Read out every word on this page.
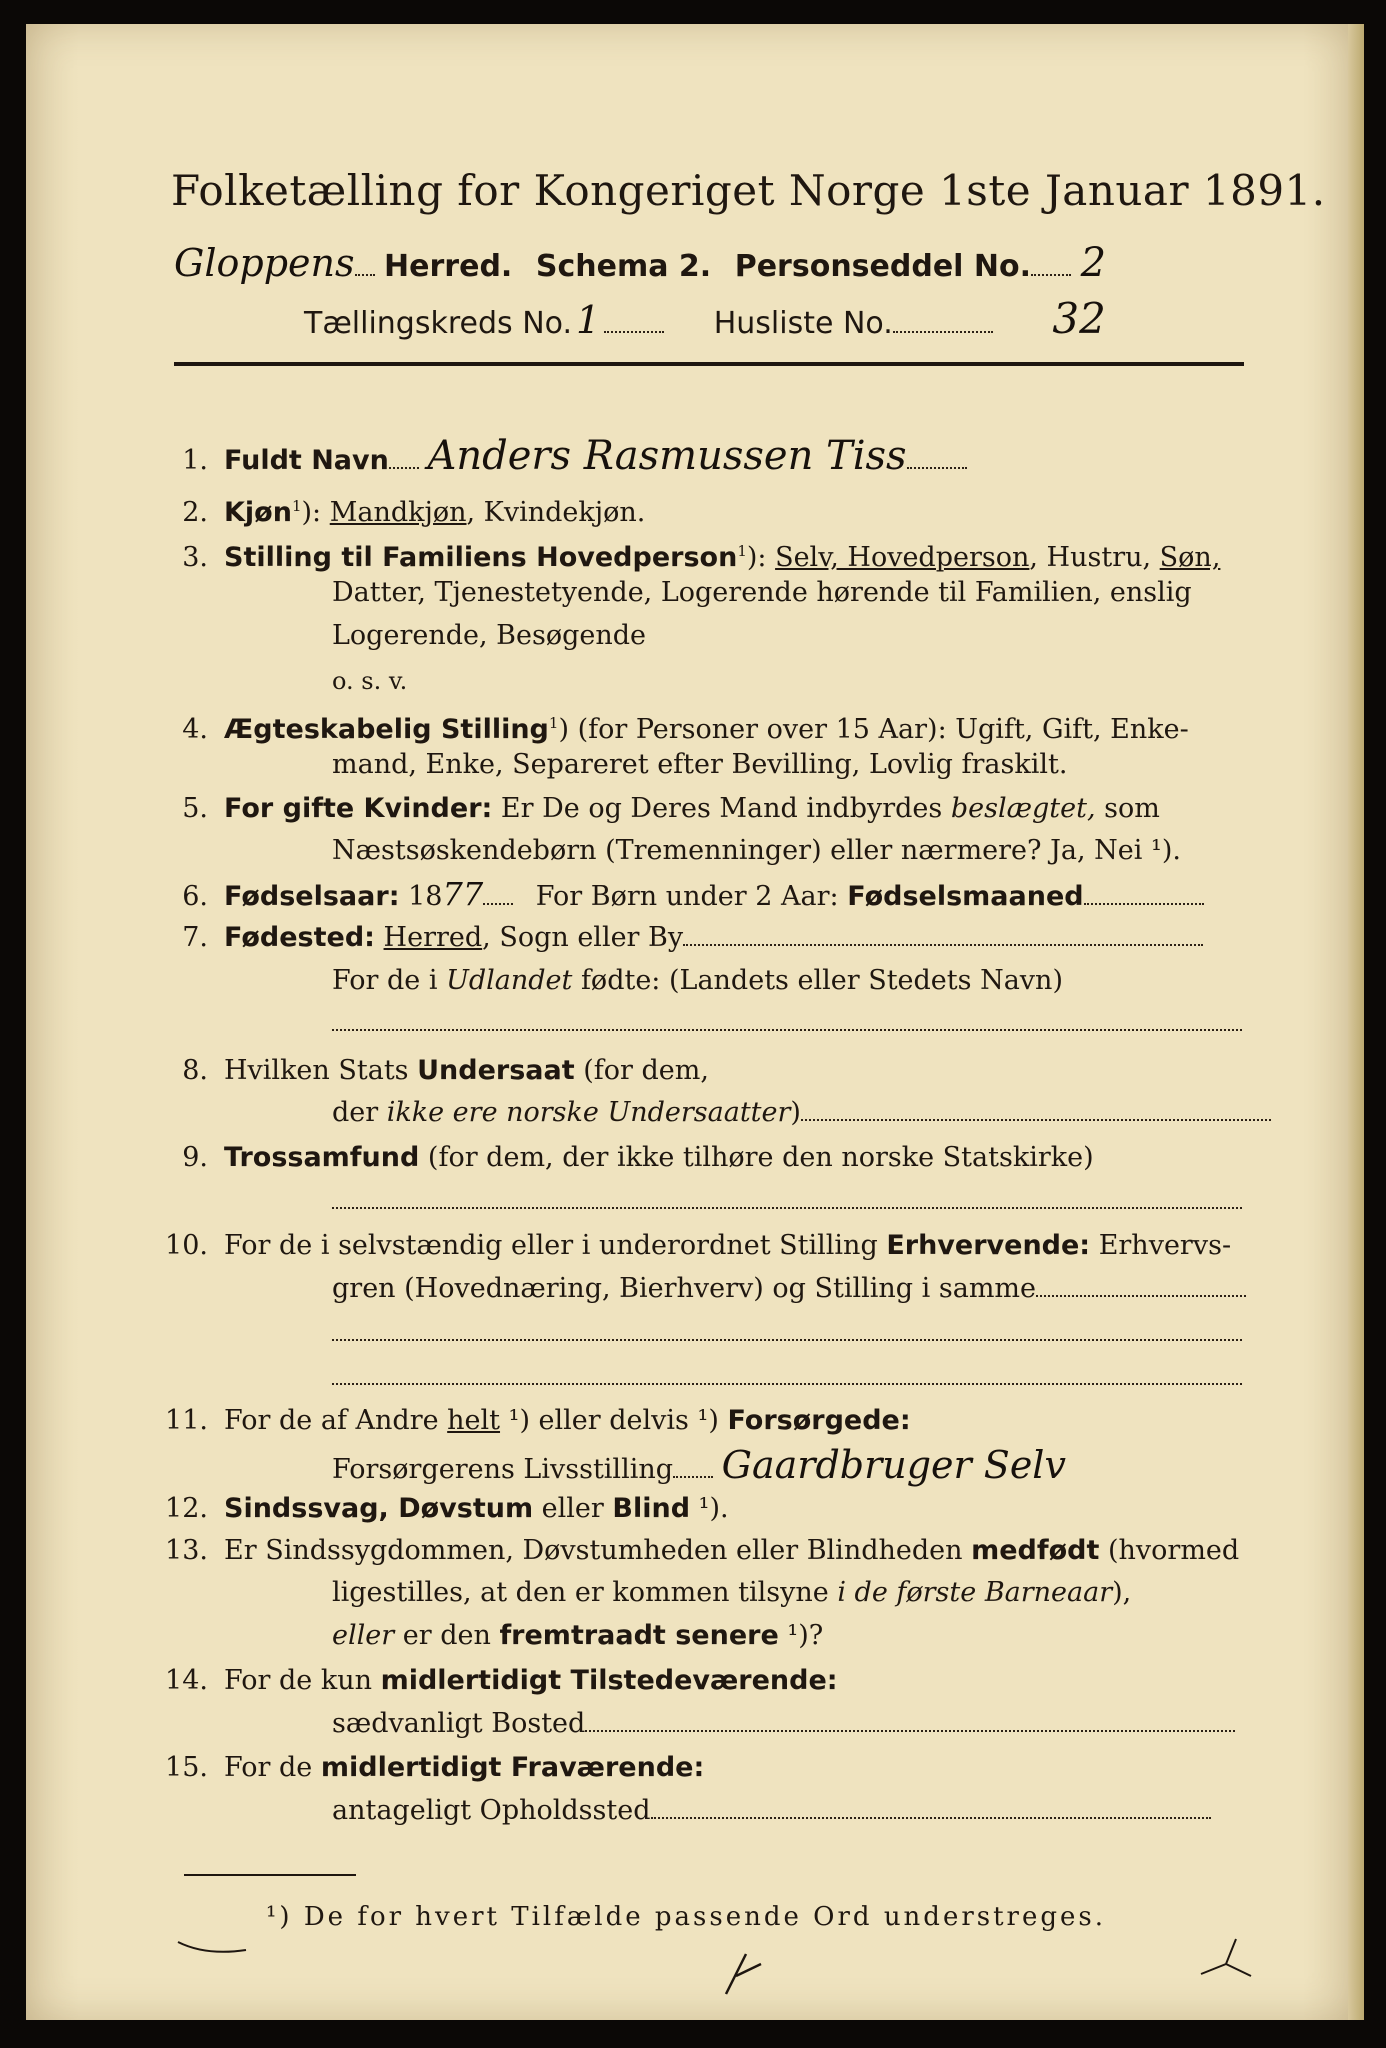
Folketælling for Kongeriget Norge 1ste Januar 1891.
Gloppens Herred. Schema 2. Personseddel No. 2
Tællingskreds No. 1	Husliste No.	32
1. Fuldt Navn Anders Rasmussen Tiss
2. Kjøn$^1$): Mandkjøn, Kvindekjøn.
3. Stilling til Familiens Hovedperson$^1$): Selv, Hovedperson, Hustru, Søn,
Datter, Tjenestetyende, Logerende hørende til Familien, enslig
Logerende, Besøgende
o. s. v.
4. Ægteskabelig Stilling$^1$) (for Personer over 15 Aar): Ugift, Gift, Enke-
mand, Enke, Separeret efter Bevilling, Lovlig fraskilt.
5. For gifte Kvinder: Er De og Deres Mand indbyrdes beslægtet, som
Næstsøskendebørn (Tremenninger) eller nærmere? Ja, Nei ¹).
6. Fødselsaar: 1877 For Børn under 2 Aar: Fødselsmaaned
7. Fødested: Herred, Sogn eller By
For de i Udlandet fødte: (Landets eller Stedets Navn)
8. Hvilken Stats Undersaat (for dem,
der ikke ere norske Undersaatter)
9. Trossamfund (for dem, der ikke tilhøre den norske Statskirke)
10. For de i selvstændig eller i underordnet Stilling Erhvervende: Erhvervs-
gren (Hovednæring, Bierhverv) og Stilling i samme
11. For de af Andre helt ¹) eller delvis ¹) Forsørgede:
Forsørgerens Livsstilling Gaardbruger Selv
12. Sindssvag, Døvstum eller Blind ¹).
13. Er Sindssygdommen, Døvstumheden eller Blindheden medfødt (hvormed
ligestilles, at den er kommen tilsyne i de første Barneaar),
eller er den fremtraadt senere ¹)?
14. For de kun midlertidigt Tilstedeværende:
sædvanligt Bosted
15. For de midlertidigt Fraværende:
antageligt Opholdssted
¹) De for hvert Tilfælde passende Ord understreges.
